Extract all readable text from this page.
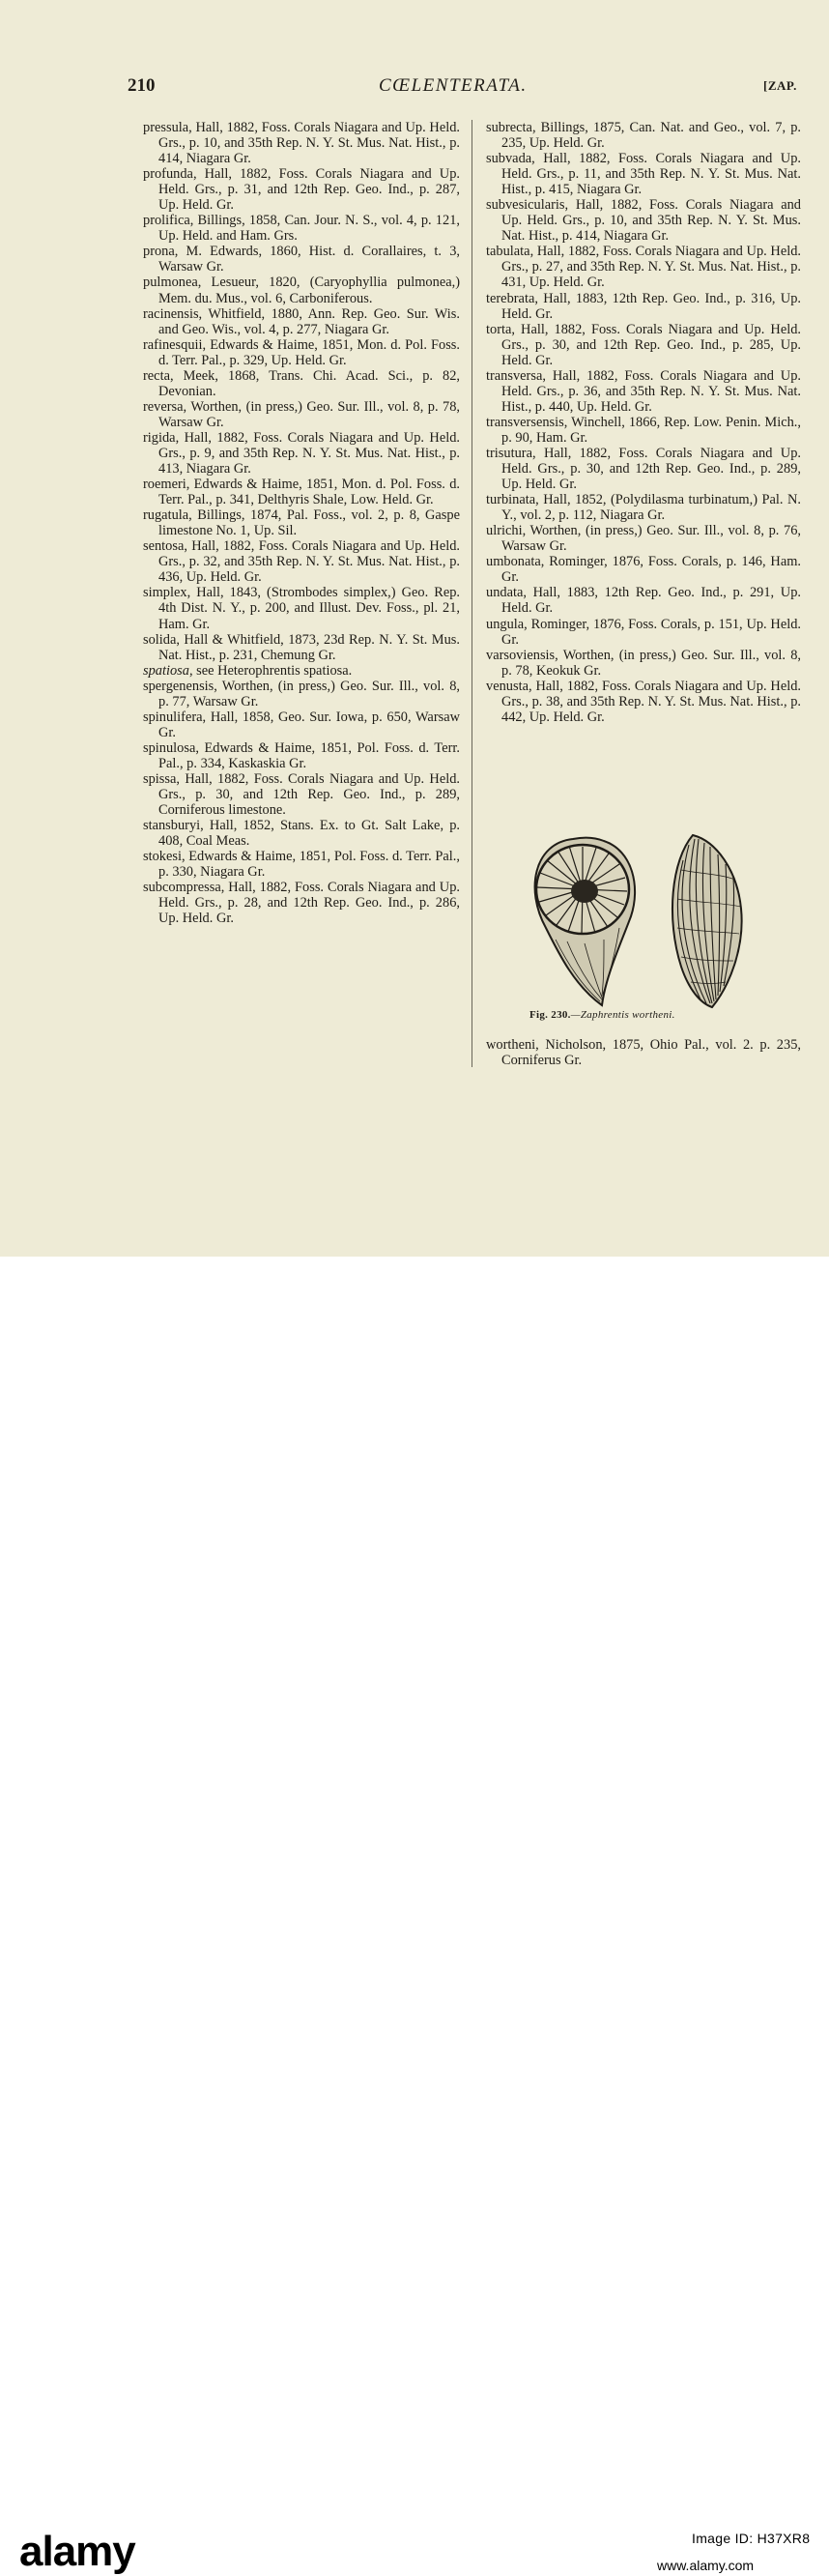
210	CŒLENTERATA.	[ZAP.

pressula, Hall, 1882, Foss. Corals Niagara and Up. Held. Grs., p. 10, and 35th Rep. N. Y. St. Mus. Nat. Hist., p. 414, Niagara Gr.

profunda, Hall, 1882, Foss. Corals Niagara and Up. Held. Grs., p. 31, and 12th Rep. Geo. Ind., p. 287, Up. Held. Gr.

prolifica, Billings, 1858, Can. Jour. N. S., vol. 4, p. 121, Up. Held. and Ham. Grs.

prona, M. Edwards, 1860, Hist. d. Corallaires, t. 3, Warsaw Gr.

pulmonea, Lesueur, 1820, (Caryophyllia pulmonea,) Mem. du. Mus., vol. 6, Carboniferous.

racinensis, Whitfield, 1880, Ann. Rep. Geo. Sur. Wis. and Geo. Wis., vol. 4, p. 277, Niagara Gr.

rafinesquii, Edwards & Haime, 1851, Mon. d. Pol. Foss. d. Terr. Pal., p. 329, Up. Held. Gr.

recta, Meek, 1868, Trans. Chi. Acad. Sci., p. 82, Devonian.

reversa, Worthen, (in press,) Geo. Sur. Ill., vol. 8, p. 78, Warsaw Gr.

rigida, Hall, 1882, Foss. Corals Niagara and Up. Held. Grs., p. 9, and 35th Rep. N. Y. St. Mus. Nat. Hist., p. 413, Niagara Gr.

roemeri, Edwards & Haime, 1851, Mon. d. Pol. Foss. d. Terr. Pal., p. 341, Delthyris Shale, Low. Held. Gr.

rugatula, Billings, 1874, Pal. Foss., vol. 2, p. 8, Gaspe limestone No. 1, Up. Sil.

sentosa, Hall, 1882, Foss. Corals Niagara and Up. Held. Grs., p. 32, and 35th Rep. N. Y. St. Mus. Nat. Hist., p. 436, Up. Held. Gr.

simplex, Hall, 1843, (Strombodes simplex,) Geo. Rep. 4th Dist. N. Y., p. 200, and Illust. Dev. Foss., pl. 21, Ham. Gr.

solida, Hall & Whitfield, 1873, 23d Rep. N. Y. St. Mus. Nat. Hist., p. 231, Chemung Gr.

spatiosa, see Heterophrentis spatiosa.

spergenensis, Worthen, (in press,) Geo. Sur. Ill., vol. 8, p. 77, Warsaw Gr.

spinulifera, Hall, 1858, Geo. Sur. Iowa, p. 650, Warsaw Gr.

spinulosa, Edwards & Haime, 1851, Pol. Foss. d. Terr. Pal., p. 334, Kaskaskia Gr.

spissa, Hall, 1882, Foss. Corals Niagara and Up. Held. Grs., p. 30, and 12th Rep. Geo. Ind., p. 289, Corniferous limestone.

stansburyi, Hall, 1852, Stans. Ex. to Gt. Salt Lake, p. 408, Coal Meas.

stokesi, Edwards & Haime, 1851, Pol. Foss. d. Terr. Pal., p. 330, Niagara Gr.

subcompressa, Hall, 1882, Foss. Corals Niagara and Up. Held. Grs., p. 28, and 12th Rep. Geo. Ind., p. 286, Up. Held. Gr.

subrecta, Billings, 1875, Can. Nat. and Geo., vol. 7, p. 235, Up. Held. Gr.

subvada, Hall, 1882, Foss. Corals Niagara and Up. Held. Grs., p. 11, and 35th Rep. N. Y. St. Mus. Nat. Hist., p. 415, Niagara Gr.

subvesicularis, Hall, 1882, Foss. Corals Niagara and Up. Held. Grs., p. 10, and 35th Rep. N. Y. St. Mus. Nat. Hist., p. 414, Niagara Gr.

tabulata, Hall, 1882, Foss. Corals Niagara and Up. Held. Grs., p. 27, and 35th Rep. N. Y. St. Mus. Nat. Hist., p. 431, Up. Held. Gr.

terebrata, Hall, 1883, 12th Rep. Geo. Ind., p. 316, Up. Held. Gr.

torta, Hall, 1882, Foss. Corals Niagara and Up. Held. Grs., p. 30, and 12th Rep. Geo. Ind., p. 285, Up. Held. Gr.

transversa, Hall, 1882, Foss. Corals Niagara and Up. Held. Grs., p. 36, and 35th Rep. N. Y. St. Mus. Nat. Hist., p. 440, Up. Held. Gr.

transversensis, Winchell, 1866, Rep. Low. Penin. Mich., p. 90, Ham. Gr.

trisutura, Hall, 1882, Foss. Corals Niagara and Up. Held. Grs., p. 30, and 12th Rep. Geo. Ind., p. 289, Up. Held. Gr.

turbinata, Hall, 1852, (Polydilasma turbinatum,) Pal. N. Y., vol. 2, p. 112, Niagara Gr.

ulrichi, Worthen, (in press,) Geo. Sur. Ill., vol. 8, p. 76, Warsaw Gr.

umbonata, Rominger, 1876, Foss. Corals, p. 146, Ham. Gr.

undata, Hall, 1883, 12th Rep. Geo. Ind., p. 291, Up. Held. Gr.

ungula, Rominger, 1876, Foss. Corals, p. 151, Up. Held. Gr.

varsoviensis, Worthen, (in press,) Geo. Sur. Ill., vol. 8, p. 78, Keokuk Gr.

venusta, Hall, 1882, Foss. Corals Niagara and Up. Held. Grs., p. 38, and 35th Rep. N. Y. St. Mus. Nat. Hist., p. 442, Up. Held. Gr.

Fig. 230.—Zaphrentis wortheni.

wortheni, Nicholson, 1875, Ohio Pal., vol. 2. p. 235, Corniferus Gr.

alamy	Image ID: H37XR8
www.alamy.com
